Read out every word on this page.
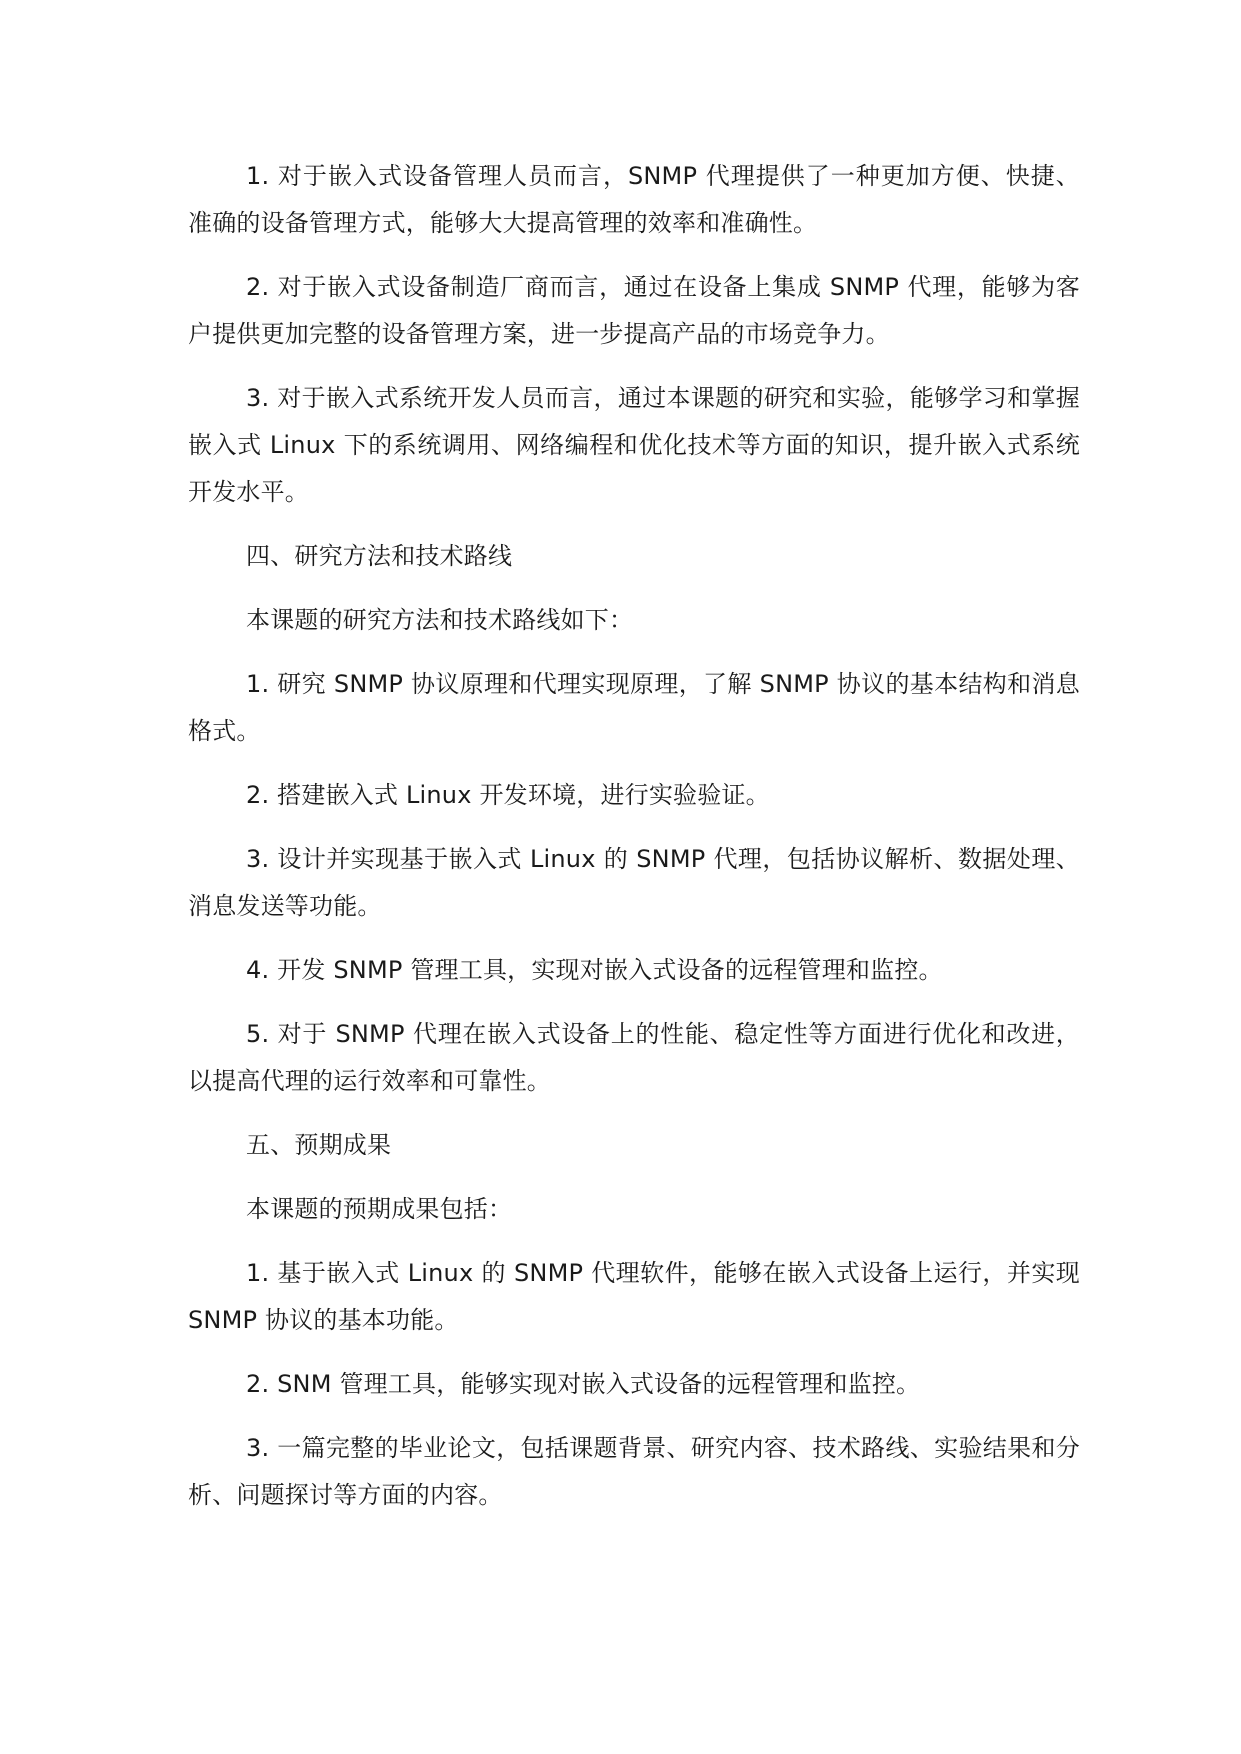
1. 对于嵌入式设备管理人员而言，SNMP 代理提供了一种更加方便、快捷、准确的设备管理方式，能够大大提高管理的效率和准确性。

2. 对于嵌入式设备制造厂商而言，通过在设备上集成 SNMP 代理，能够为客户提供更加完整的设备管理方案，进一步提高产品的市场竞争力。

3. 对于嵌入式系统开发人员而言，通过本课题的研究和实验，能够学习和掌握嵌入式 Linux 下的系统调用、网络编程和优化技术等方面的知识，提升嵌入式系统开发水平。

四、研究方法和技术路线

本课题的研究方法和技术路线如下：

1. 研究 SNMP 协议原理和代理实现原理，了解 SNMP 协议的基本结构和消息格式。

2. 搭建嵌入式 Linux 开发环境，进行实验验证。

3. 设计并实现基于嵌入式 Linux 的 SNMP 代理，包括协议解析、数据处理、消息发送等功能。

4. 开发 SNMP 管理工具，实现对嵌入式设备的远程管理和监控。

5. 对于 SNMP 代理在嵌入式设备上的性能、稳定性等方面进行优化和改进，以提高代理的运行效率和可靠性。

五、预期成果

本课题的预期成果包括：

1. 基于嵌入式 Linux 的 SNMP 代理软件，能够在嵌入式设备上运行，并实现 SNMP 协议的基本功能。

2. SNM 管理工具，能够实现对嵌入式设备的远程管理和监控。

3. 一篇完整的毕业论文，包括课题背景、研究内容、技术路线、实验结果和分析、问题探讨等方面的内容。
